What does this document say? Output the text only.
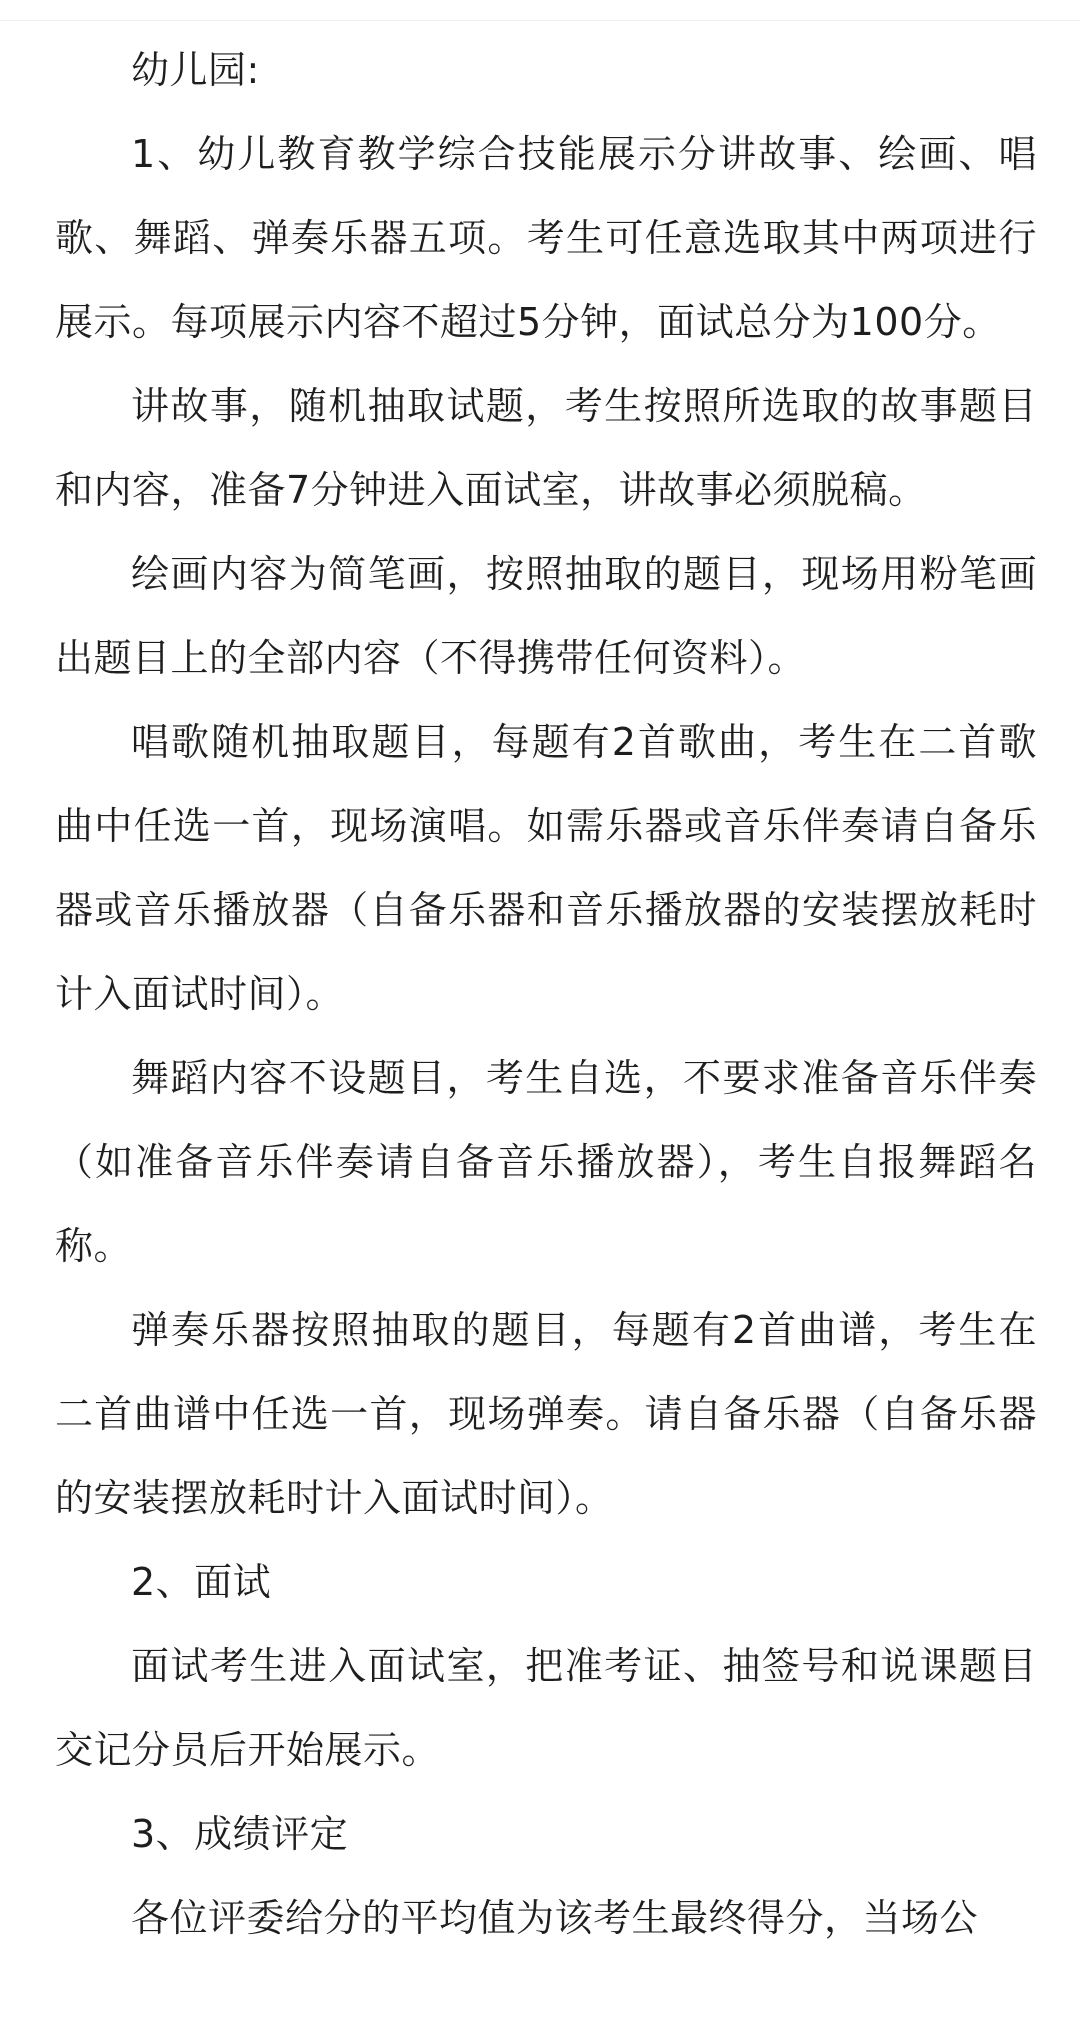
幼儿园:

1、幼儿教育教学综合技能展示分讲故事、绘画、唱歌、舞蹈、弹奏乐器五项。考生可任意选取其中两项进行展示。每项展示内容不超过5分钟，面试总分为100分。

讲故事，随机抽取试题，考生按照所选取的故事题目和内容，准备7分钟进入面试室，讲故事必须脱稿。

绘画内容为简笔画，按照抽取的题目，现场用粉笔画出题目上的全部内容（不得携带任何资料）。

唱歌随机抽取题目，每题有2首歌曲，考生在二首歌曲中任选一首，现场演唱。如需乐器或音乐伴奏请自备乐器或音乐播放器（自备乐器和音乐播放器的安装摆放耗时计入面试时间）。

舞蹈内容不设题目，考生自选，不要求准备音乐伴奏（如准备音乐伴奏请自备音乐播放器），考生自报舞蹈名称。

弹奏乐器按照抽取的题目，每题有2首曲谱，考生在二首曲谱中任选一首，现场弹奏。请自备乐器（自备乐器的安装摆放耗时计入面试时间）。

2、面试

面试考生进入面试室，把准考证、抽签号和说课题目交记分员后开始展示。

3、成绩评定

各位评委给分的平均值为该考生最终得分，当场公
